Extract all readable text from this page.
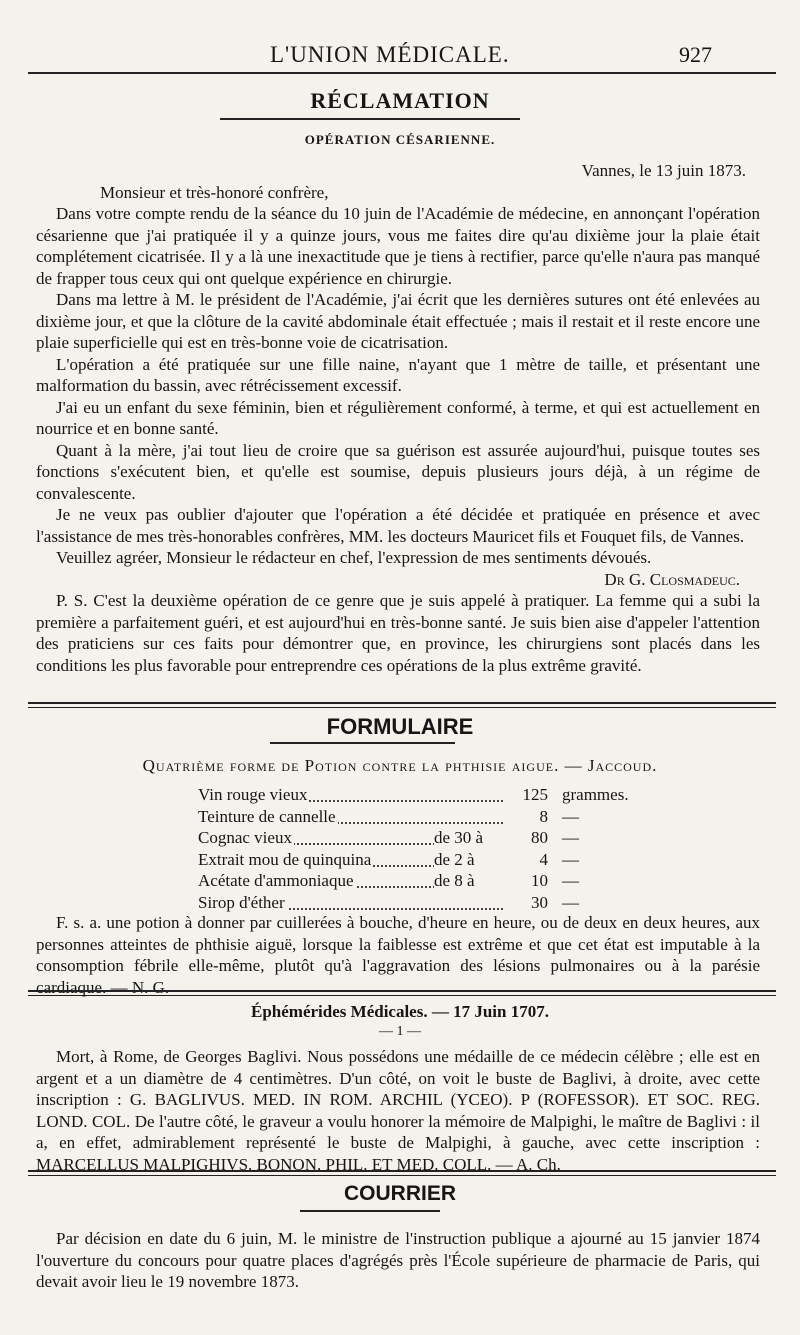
L'UNION MÉDICALE.	927
RÉCLAMATION
OPÉRATION CÉSARIENNE.
Vannes, le 13 juin 1873.

Monsieur et très-honoré confrère,

Dans votre compte rendu de la séance du 10 juin de l'Académie de médecine, en annonçant l'opération césarienne que j'ai pratiquée il y a quinze jours, vous me faites dire qu'au dixième jour la plaie était complétement cicatrisée. Il y a là une inexactitude que je tiens à rectifier, parce qu'elle n'aura pas manqué de frapper tous ceux qui ont quelque expérience en chirurgie.

Dans ma lettre à M. le président de l'Académie, j'ai écrit que les dernières sutures ont été enlevées au dixième jour, et que la clôture de la cavité abdominale était effectuée ; mais il restait et il reste encore une plaie superficielle qui est en très-bonne voie de cicatrisation.

L'opération a été pratiquée sur une fille naine, n'ayant que 1 mètre de taille, et présentant une malformation du bassin, avec rétrécissement excessif.

J'ai eu un enfant du sexe féminin, bien et régulièrement conformé, à terme, et qui est actuellement en nourrice et en bonne santé.

Quant à la mère, j'ai tout lieu de croire que sa guérison est assurée aujourd'hui, puisque toutes ses fonctions s'exécutent bien, et qu'elle est soumise, depuis plusieurs jours déjà, à un régime de convalescente.

Je ne veux pas oublier d'ajouter que l'opération a été décidée et pratiquée en présence et avec l'assistance de mes très-honorables confrères, MM. les docteurs Mauricet fils et Fouquet fils, de Vannes.

Veuillez agréer, Monsieur le rédacteur en chef, l'expression de mes sentiments dévoués.

Dr G. Closmadeuc.

P. S. C'est la deuxième opération de ce genre que je suis appelé à pratiquer. La femme qui a subi la première a parfaitement guéri, et est aujourd'hui en très-bonne santé. Je suis bien aise d'appeler l'attention des praticiens sur ces faits pour démontrer que, en province, les chirurgiens sont placés dans les conditions les plus favorable pour entreprendre ces opérations de la plus extrême gravité.

FORMULAIRE
Quatrième forme de Potion contre la phthisie aigue. — Jaccoud.
Vin rouge vieux	125 grammes.
Teinture de cannelle	8 —
Cognac vieux	de 30 à	80 —
Extrait mou de quinquina	de 2 à	4 —
Acétate d'ammoniaque	de 8 à	10 —
Sirop d'éther	30 —

F. s. a. une potion à donner par cuillerées à bouche, d'heure en heure, ou de deux en deux heures, aux personnes atteintes de phthisie aiguë, lorsque la faiblesse est extrême et que cet état est imputable à la consomption fébrile elle-même, plutôt qu'à l'aggravation des lésions pulmonaires ou à la parésie cardiaque. — N. G.

Éphémérides Médicales. — 17 Juin 1707.
— 1 —

Mort, à Rome, de Georges Baglivi. Nous possédons une médaille de ce médecin célèbre ; elle est en argent et a un diamètre de 4 centimètres. D'un côté, on voit le buste de Baglivi, à droite, avec cette inscription : G. BAGLIVUS. MED. IN ROM. ARCHIL (YCEO). P (ROFESSOR). ET SOC. REG. LOND. COL. De l'autre côté, le graveur a voulu honorer la mémoire de Malpighi, le maître de Baglivi : il a, en effet, admirablement représenté le buste de Malpighi, à gauche, avec cette inscription : MARCELLUS MALPIGHIVS. BONON. PHIL. ET MED. COLL. — A. Ch.

COURRIER

Par décision en date du 6 juin, M. le ministre de l'instruction publique a ajourné au 15 janvier 1874 l'ouverture du concours pour quatre places d'agrégés près l'École supérieure de pharmacie de Paris, qui devait avoir lieu le 19 novembre 1873.
